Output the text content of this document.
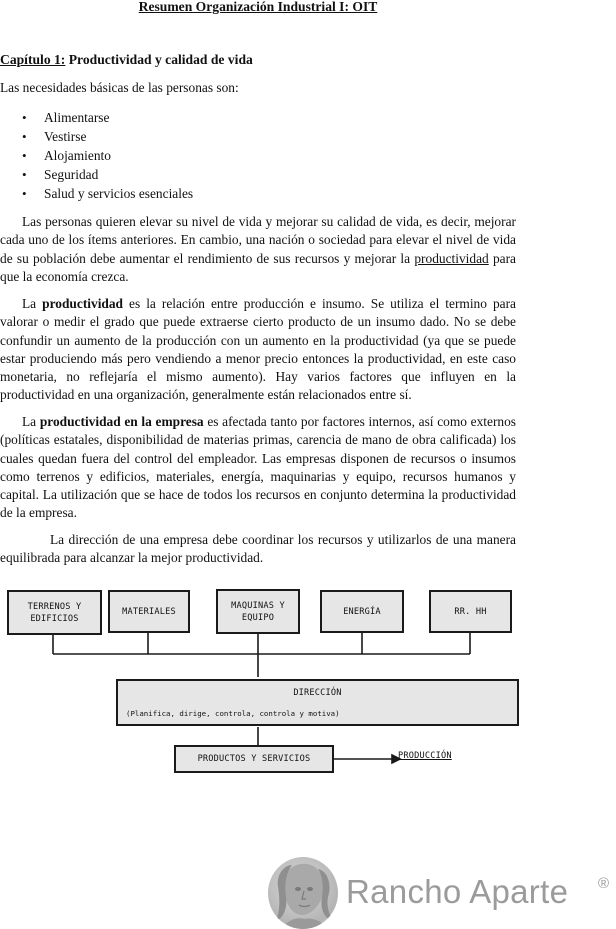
Resumen Organización Industrial I: OIT
Capítulo 1: Productividad y calidad de vida
Las necesidades básicas de las personas son:
• Alimentarse
• Vestirse
• Alojamiento
• Seguridad
• Salud y servicios esenciales

Las personas quieren elevar su nivel de vida y mejorar su calidad de vida, es decir, mejorar cada uno de los ítems anteriores. En cambio, una nación o sociedad para elevar el nivel de vida de su población debe aumentar el rendimiento de sus recursos y mejorar la productividad para que la economía crezca.

La productividad es la relación entre producción e insumo. Se utiliza el termino para valorar o medir el grado que puede extraerse cierto producto de un insumo dado. No se debe confundir un aumento de la producción con un aumento en la productividad (ya que se puede estar produciendo más pero vendiendo a menor precio entonces la productividad, en este caso monetaria, no reflejaría el mismo aumento). Hay varios factores que influyen en la productividad en una organización, generalmente están relacionados entre sí.

La productividad en la empresa es afectada tanto por factores internos, así como externos (políticas estatales, disponibilidad de materias primas, carencia de mano de obra calificada) los cuales quedan fuera del control del empleador. Las empresas disponen de recursos o insumos como terrenos y edificios, materiales, energía, maquinarias y equipo, recursos humanos y capital. La utilización que se hace de todos los recursos en conjunto determina la productividad de la empresa.

La dirección de una empresa debe coordinar los recursos y utilizarlos de una manera equilibrada para alcanzar la mejor productividad.

TERRENOS Y EDIFICIOS
MATERIALES
MAQUINAS Y EQUIPO
ENERGÍA	RR. HH
DIRECCIÓN
(Planifica, dirige, controla, controla y motiva)
PRODUCTOS Y SERVICIOS	PRODUCCIÓN
Rancho Aparte ®
